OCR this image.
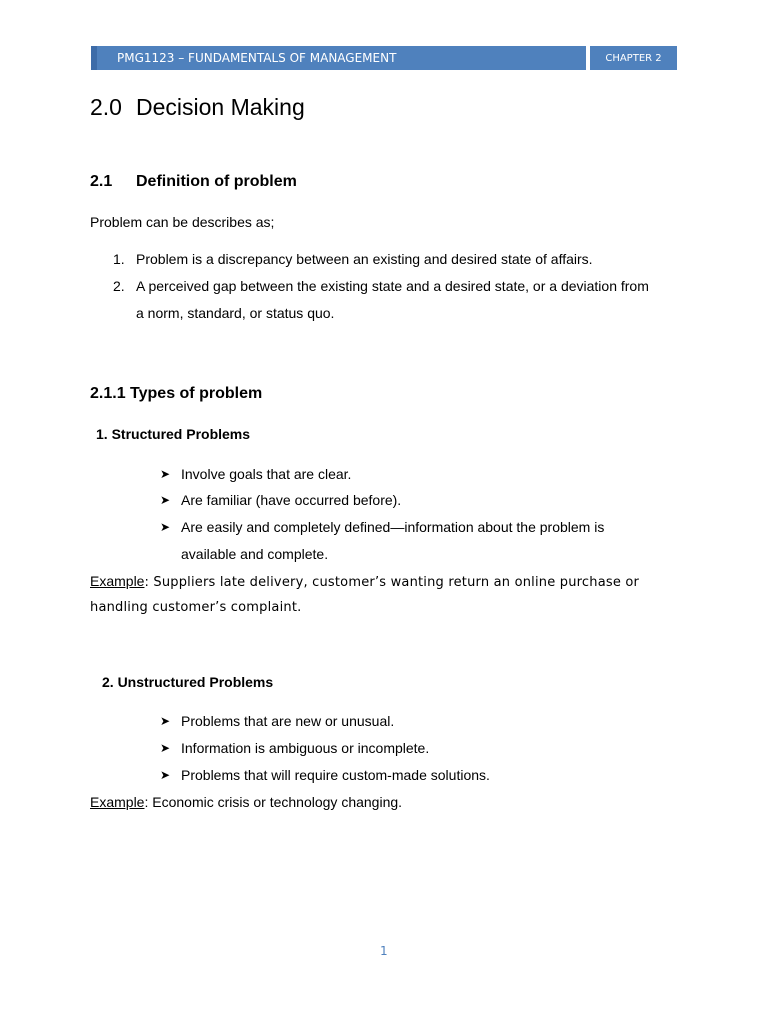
PMG1123 – FUNDAMENTALS OF MANAGEMENT	CHAPTER 2
2.0 Decision Making
2.1 Definition of problem
Problem can be describes as;
1. Problem is a discrepancy between an existing and desired state of affairs.
2. A perceived gap between the existing state and a desired state, or a deviation from
a norm, standard, or status quo.
2.1.1 Types of problem
1. Structured Problems
➤ Involve goals that are clear.
➤ Are familiar (have occurred before).
➤ Are easily and completely defined—information about the problem is
available and complete.
Example: Suppliers late delivery, customer’s wanting return an online purchase or
handling customer’s complaint.
2. Unstructured Problems
➤ Problems that are new or unusual.
➤ Information is ambiguous or incomplete.
➤ Problems that will require custom-made solutions.
Example: Economic crisis or technology changing.
1
